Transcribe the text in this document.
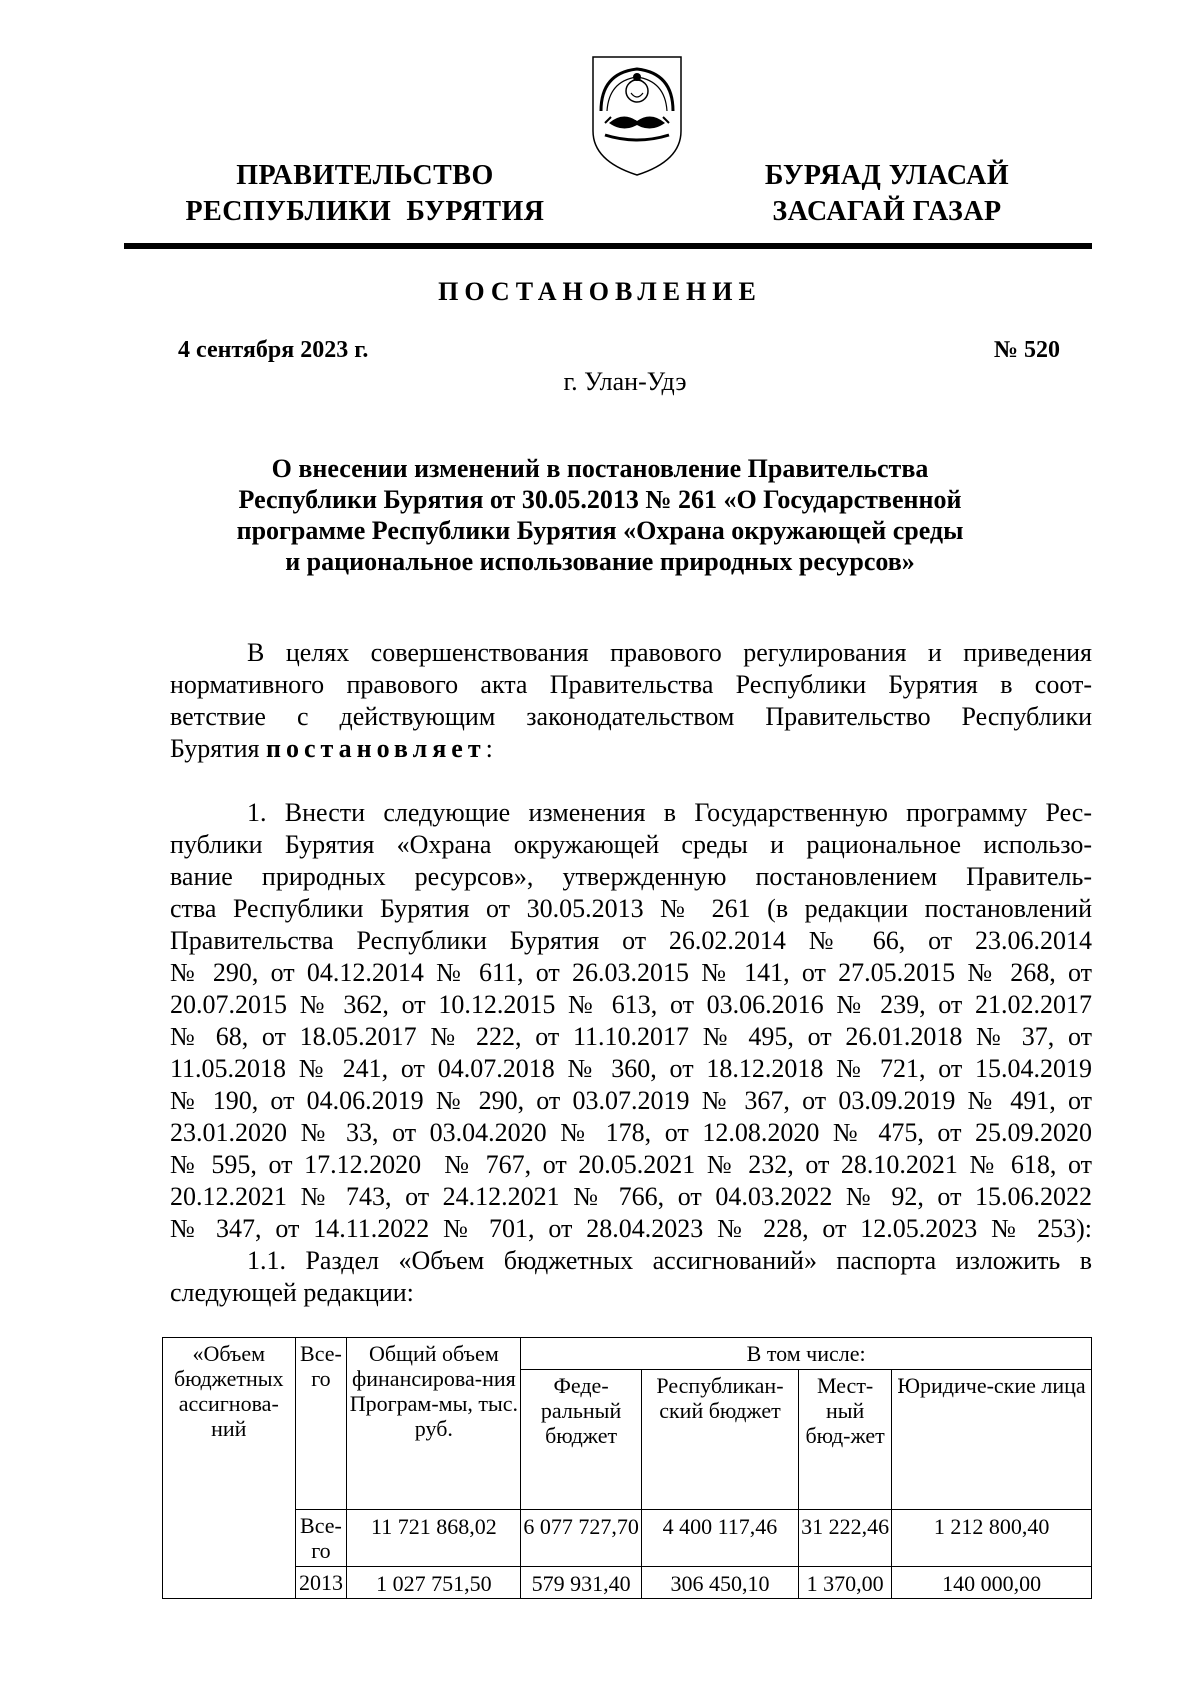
ПРАВИТЕЛЬСТВО
РЕСПУБЛИКИ  БУРЯТИЯ
БУРЯАД УЛАСАЙ
ЗАСАГАЙ ГАЗАР
ПОСТАНОВЛЕНИЕ
4 сентября 2023 г.	№ 520
г. Улан-Удэ
О внесении изменений в постановление Правительства
Республики Бурятия от 30.05.2013 № 261 «О Государственной
программе Республики Бурятия «Охрана окружающей среды
и рациональное использование природных ресурсов»
В целях совершенствования правового регулирования и приведения
нормативного правового акта Правительства Республики Бурятия в соот-
ветствие с действующим законодательством Правительство Республики
Бурятия постановляет:
1. Внести следующие изменения в Государственную программу Рес-
публики Бурятия «Охрана окружающей среды и рациональное использо-
вание природных ресурсов», утвержденную постановлением Правитель-
ства Республики Бурятия от 30.05.2013 № 261 (в редакции постановлений
Правительства Республики Бурятия от 26.02.2014 № 66, от 23.06.2014
№ 290, от 04.12.2014 № 611, от 26.03.2015 № 141, от 27.05.2015 № 268, от
20.07.2015 № 362, от 10.12.2015 № 613, от 03.06.2016 № 239, от 21.02.2017
№ 68, от 18.05.2017 № 222, от 11.10.2017 № 495, от 26.01.2018 № 37, от
11.05.2018 № 241, от 04.07.2018 № 360, от 18.12.2018 № 721, от 15.04.2019
№ 190, от 04.06.2019 № 290, от 03.07.2019 № 367, от 03.09.2019 № 491, от
23.01.2020 № 33, от 03.04.2020 № 178, от 12.08.2020 № 475, от 25.09.2020
№ 595, от 17.12.2020  № 767, от 20.05.2021 № 232, от 28.10.2021 № 618, от
20.12.2021 № 743, от 24.12.2021 № 766, от 04.03.2022 № 92, от 15.06.2022
№ 347, от 14.11.2022 № 701, от 28.04.2023 № 228, от 12.05.2023 № 253):
1.1. Раздел «Объем бюджетных ассигнований» паспорта изложить в
следующей редакции:
«Объем бюджетных ассигнова-ний	Все-го	Общий объем финансирова-ния Програм-мы, тыс. руб.	В том числе:			
			Феде-ральный бюджет	Республикан-ский бюджет	Мест-ный бюд-жет	Юридиче-ские лица
	Все-го	11 721 868,02	6 077 727,70	4 400 117,46	31 222,46	1 212 800,40
	2013	1 027 751,50	579 931,40	306 450,10	1 370,00	140 000,00
